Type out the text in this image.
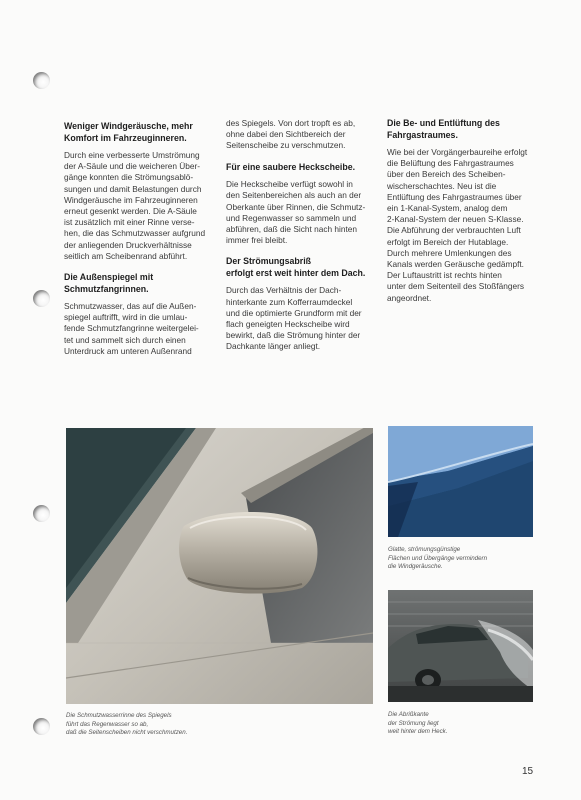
Weniger Windgeräusche, mehr
Komfort im Fahrzeuginneren.

Durch eine verbesserte Umströmung
der A-Säule und die weicheren Über-
gänge konnten die Strömungsablö-
sungen und damit Belastungen durch
Windgeräusche im Fahrzeuginneren
erneut gesenkt werden. Die A-Säule
ist zusätzlich mit einer Rinne verse-
hen, die das Schmutzwasser aufgrund
der anliegenden Druckverhältnisse
seitlich am Scheibenrand abführt.

Die Außenspiegel mit
Schmutzfangrinnen.

Schmutzwasser, das auf die Außen-
spiegel auftrifft, wird in die umlau-
fende Schmutzfangrinne weitergelei-
tet und sammelt sich durch einen
Unterdruck am unteren Außenrand

des Spiegels. Von dort tropft es ab,
ohne dabei den Sichtbereich der
Seitenscheibe zu verschmutzen.

Für eine saubere Heckscheibe.

Die Heckscheibe verfügt sowohl in
den Seitenbereichen als auch an der
Oberkante über Rinnen, die Schmutz-
und Regenwasser so sammeln und
abführen, daß die Sicht nach hinten
immer frei bleibt.

Der Strömungsabriß
erfolgt erst weit hinter dem Dach.

Durch das Verhältnis der Dach-
hinterkante zum Kofferraumdeckel
und die optimierte Grundform mit der
flach geneigten Heckscheibe wird
bewirkt, daß die Strömung hinter der
Dachkante länger anliegt.

Die Be- und Entlüftung des
Fahrgastraumes.

Wie bei der Vorgängerbaureihe erfolgt
die Belüftung des Fahrgastraumes
über den Bereich des Scheiben-
wischerschachtes. Neu ist die
Entlüftung des Fahrgastraumes über
ein 1-Kanal-System, analog dem
2-Kanal-System der neuen S-Klasse.
Die Abführung der verbrauchten Luft
erfolgt im Bereich der Hutablage.
Durch mehrere Umlenkungen des
Kanals werden Geräusche gedämpft.
Der Luftaustritt ist rechts hinten
unter dem Seitenteil des Stoßfängers
angeordnet.

Die Schmutzwasserrinne des Spiegels
führt das Regenwasser so ab,
daß die Seitenscheiben nicht verschmutzen.
Glatte, strömungsgünstige
Flächen und Übergänge vermindern
die Windgeräusche.
Die Abrißkante
der Strömung liegt
weit hinter dem Heck.
15
